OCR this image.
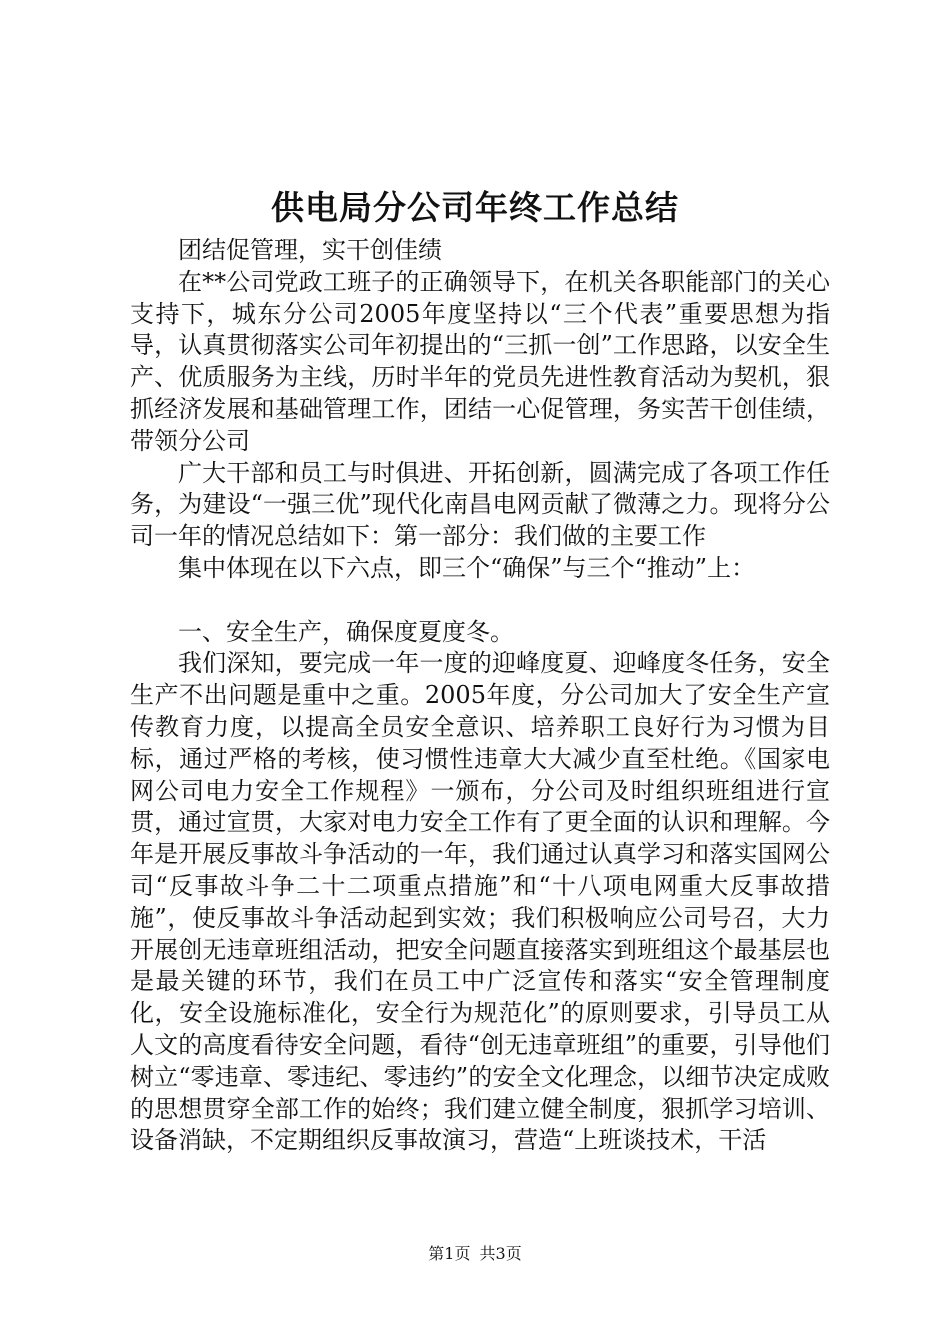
供电局分公司年终工作总结

团结促管理，实干创佳绩

在**公司党政工班子的正确领导下，在机关各职能部门的关心支持下，城东分公司2005年度坚持以“三个代表”重要思想为指导，认真贯彻落实公司年初提出的“三抓一创”工作思路，以安全生产、优质服务为主线，历时半年的党员先进性教育活动为契机，狠抓经济发展和基础管理工作，团结一心促管理，务实苦干创佳绩，带领分公司

广大干部和员工与时俱进、开拓创新，圆满完成了各项工作任务，为建设“一强三优”现代化南昌电网贡献了微薄之力。现将分公司一年的情况总结如下：第一部分：我们做的主要工作

集中体现在以下六点，即三个“确保”与三个“推动”上：

一、安全生产，确保度夏度冬。

我们深知，要完成一年一度的迎峰度夏、迎峰度冬任务，安全生产不出问题是重中之重。2005年度，分公司加大了安全生产宣传教育力度，以提高全员安全意识、培养职工良好行为习惯为目标，通过严格的考核，使习惯性违章大大减少直至杜绝。《国家电网公司电力安全工作规程》一颁布，分公司及时组织班组进行宣贯，通过宣贯，大家对电力安全工作有了更全面的认识和理解。今年是开展反事故斗争活动的一年，我们通过认真学习和落实国网公司“反事故斗争二十二项重点措施”和“十八项电网重大反事故措施”，使反事故斗争活动起到实效；我们积极响应公司号召，大力开展创无违章班组活动，把安全问题直接落实到班组这个最基层也是最关键的环节，我们在员工中广泛宣传和落实“安全管理制度化，安全设施标准化，安全行为规范化”的原则要求，引导员工从人文的高度看待安全问题，看待“创无违章班组”的重要，引导他们树立“零违章、零违纪、零违约”的安全文化理念，以细节决定成败的思想贯穿全部工作的始终；我们建立健全制度，狠抓学习培训、设备消缺，不定期组织反事故演习，营造“上班谈技术，干活

第1页 共3页
